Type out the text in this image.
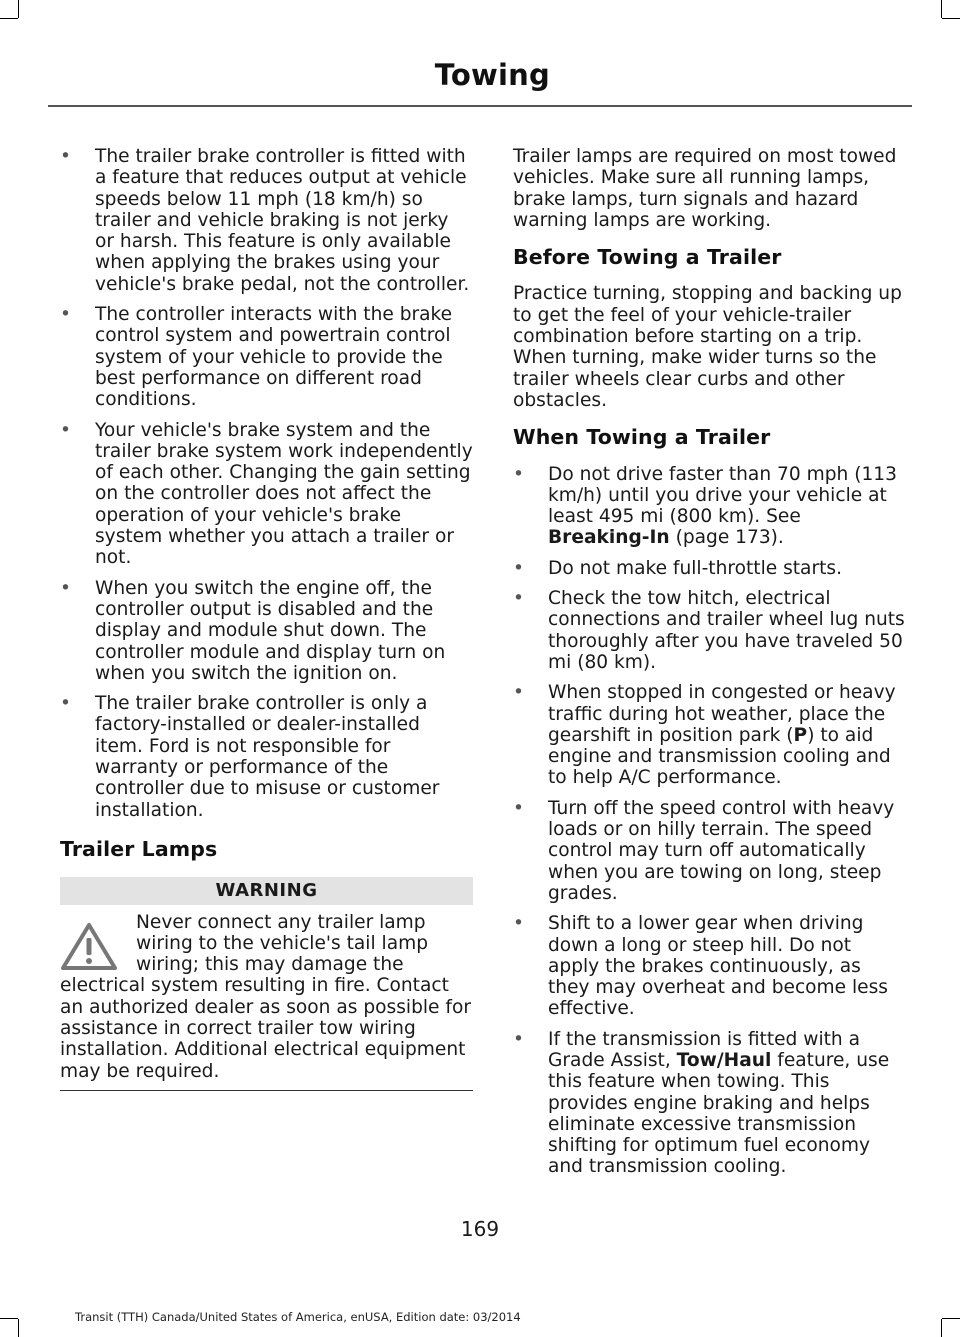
Towing
• The trailer brake controller is fitted with a feature that reduces output at vehicle speeds below 11 mph (18 km/h) so trailer and vehicle braking is not jerky or harsh. This feature is only available when applying the brakes using your vehicle's brake pedal, not the controller.
• The controller interacts with the brake control system and powertrain control system of your vehicle to provide the best performance on different road conditions.
• Your vehicle's brake system and the trailer brake system work independently of each other. Changing the gain setting on the controller does not affect the operation of your vehicle's brake system whether you attach a trailer or not.
• When you switch the engine off, the controller output is disabled and the display and module shut down. The controller module and display turn on when you switch the ignition on.
• The trailer brake controller is only a factory-installed or dealer-installed item. Ford is not responsible for warranty or performance of the controller due to misuse or customer installation.
Trailer Lamps
WARNING

Never connect any trailer lamp wiring to the vehicle's tail lamp wiring; this may damage the electrical system resulting in fire. Contact an authorized dealer as soon as possible for assistance in correct trailer tow wiring installation. Additional electrical equipment may be required.

Trailer lamps are required on most towed vehicles. Make sure all running lamps, brake lamps, turn signals and hazard warning lamps are working.

Before Towing a Trailer

Practice turning, stopping and backing up to get the feel of your vehicle-trailer combination before starting on a trip. When turning, make wider turns so the trailer wheels clear curbs and other obstacles.

When Towing a Trailer
• Do not drive faster than 70 mph (113 km/h) until you drive your vehicle at least 495 mi (800 km). See Breaking-In (page 173).
• Do not make full-throttle starts.
• Check the tow hitch, electrical connections and trailer wheel lug nuts thoroughly after you have traveled 50 mi (80 km).
• When stopped in congested or heavy traffic during hot weather, place the gearshift in position park (P) to aid engine and transmission cooling and to help A/C performance.
• Turn off the speed control with heavy loads or on hilly terrain. The speed control may turn off automatically when you are towing on long, steep grades.
• Shift to a lower gear when driving down a long or steep hill. Do not apply the brakes continuously, as they may overheat and become less effective.
• If the transmission is fitted with a Grade Assist, Tow/Haul feature, use this feature when towing. This provides engine braking and helps eliminate excessive transmission shifting for optimum fuel economy and transmission cooling.
169
Transit (TTH) Canada/United States of America, enUSA, Edition date: 03/2014
